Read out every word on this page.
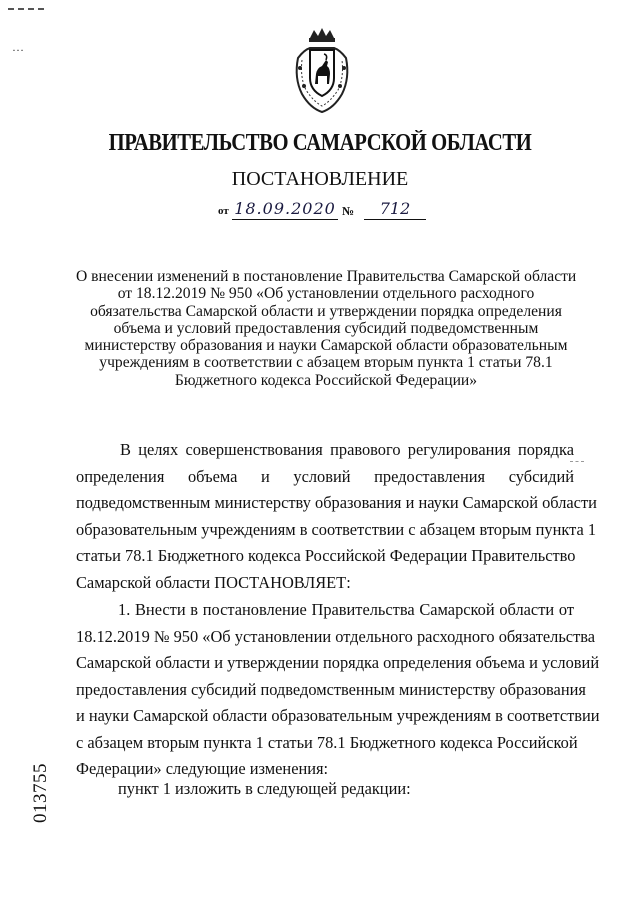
…
ПРАВИТЕЛЬСТВО САМАРСКОЙ ОБЛАСТИ
ПОСТАНОВЛЕНИЕ
от 18.09.2020 №	712
О внесении изменений в постановление Правительства Самарской области
от 18.12.2019 № 950 «Об установлении отдельного расходного
обязательства Самарской области и утверждении порядка определения
объема и условий предоставления субсидий подведомственным
министерству образования и науки Самарской области образовательным
учреждениям в соответствии с абзацем вторым пункта 1 статьи 78.1
Бюджетного кодекса Российской Федерации»
В целях совершенствования правового регулирования порядка
определения объема и условий предоставления субсидий
подведомственным министерству образования и науки Самарской области
образовательным учреждениям в соответствии с абзацем вторым пункта 1
статьи 78.1 Бюджетного кодекса Российской Федерации Правительство
Самарской области ПОСТАНОВЛЯЕТ:
1. Внести в постановление Правительства Самарской области от
18.12.2019 № 950 «Об установлении отдельного расходного обязательства
Самарской области и утверждении порядка определения объема и условий
предоставления субсидий подведомственным министерству образования
и науки Самарской области образовательным учреждениям в соответствии
с абзацем вторым пункта 1 статьи 78.1 Бюджетного кодекса Российской
Федерации» следующие изменения:
пункт 1 изложить в следующей редакции:
013755
